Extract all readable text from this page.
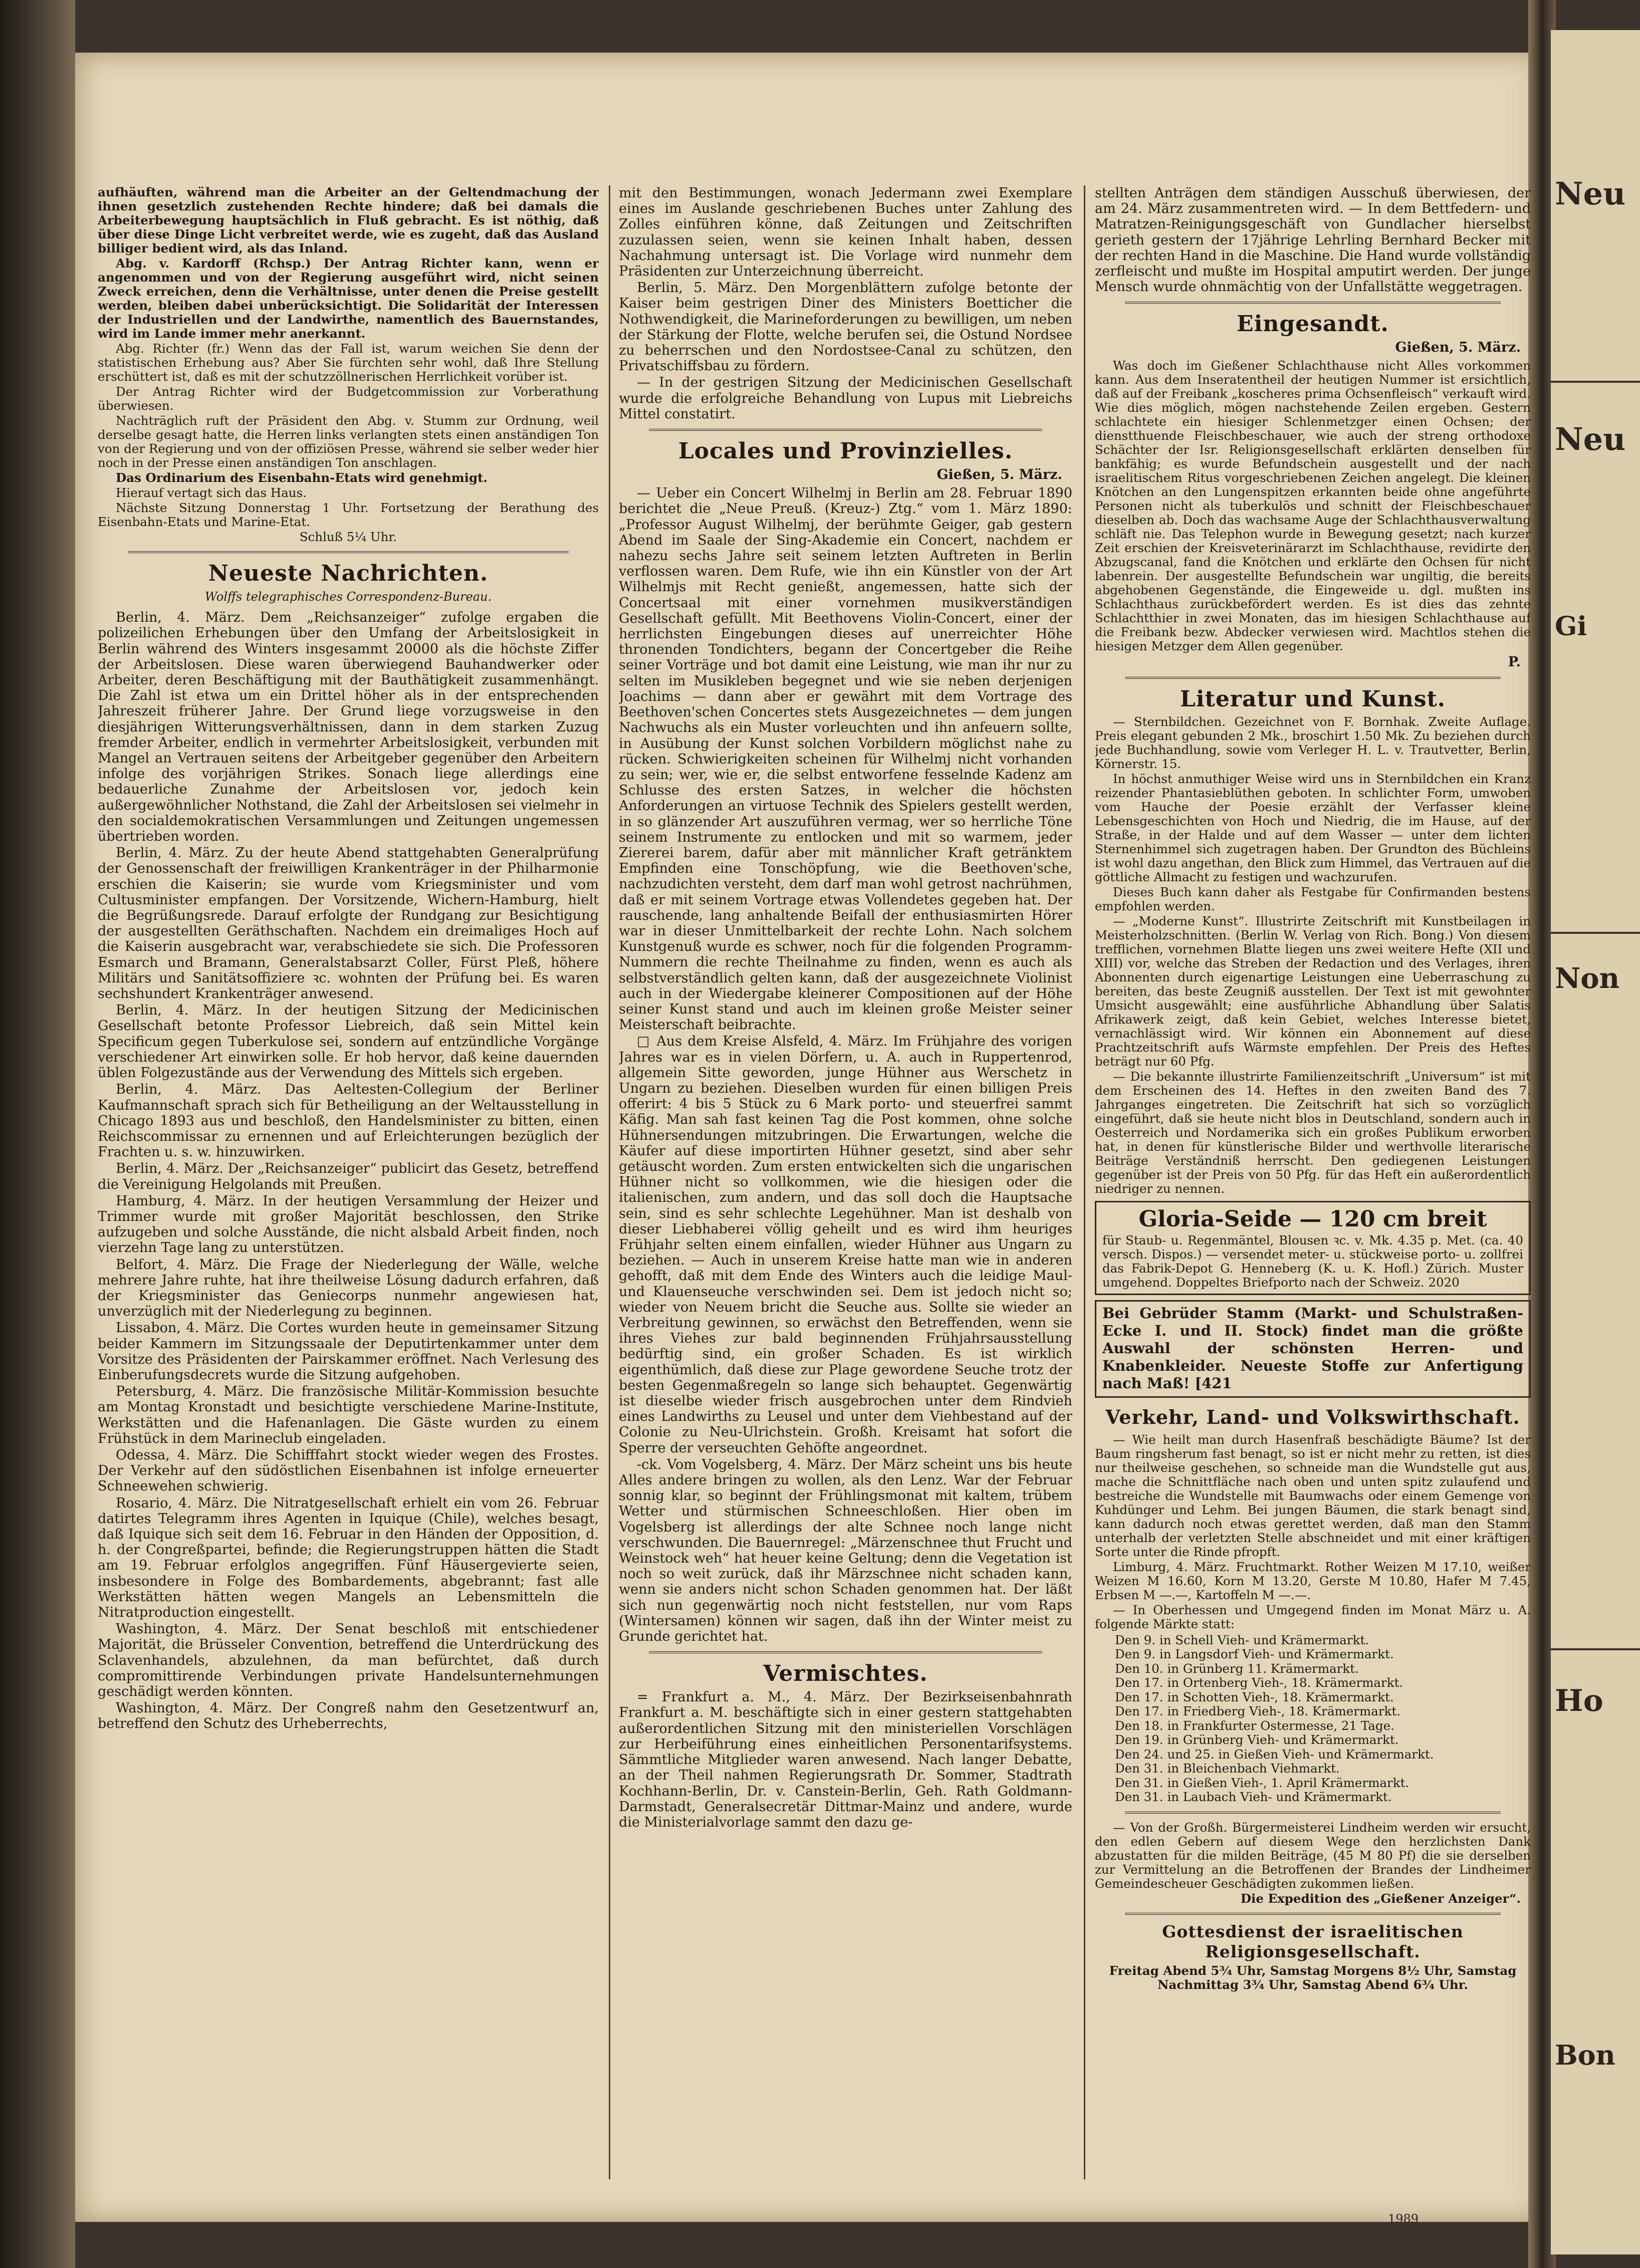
Neu
Neu
Gi
Non
Ho
Bon

aufhäuften, während man die Arbeiter an der Geltendmachung der ihnen gesetzlich zustehenden Rechte hindere; daß bei damals die Arbeiterbewegung hauptsächlich in Fluß gebracht. Es ist nöthig, daß über diese Dinge Licht verbreitet werde, wie es zugeht, daß das Ausland billiger bedient wird, als das Inland.

Abg. v. Kardorff (Rchsp.) Der Antrag Richter kann, wenn er angenommen und von der Regierung ausgeführt wird, nicht seinen Zweck erreichen, denn die Verhältnisse, unter denen die Preise gestellt werden, bleiben dabei unberücksichtigt. Die Solidarität der Interessen der Industriellen und der Landwirthe, namentlich des Bauernstandes, wird im Lande immer mehr anerkannt.

Abg. Richter (fr.) Wenn das der Fall ist, warum weichen Sie denn der statistischen Erhebung aus? Aber Sie fürchten sehr wohl, daß Ihre Stellung erschüttert ist, daß es mit der schutzzöllnerischen Herrlichkeit vorüber ist.

Der Antrag Richter wird der Budgetcommission zur Vorberathung überwiesen.

Nachträglich ruft der Präsident den Abg. v. Stumm zur Ordnung, weil derselbe gesagt hatte, die Herren links verlangten stets einen anständigen Ton von der Regierung und von der offiziösen Presse, während sie selber weder hier noch in der Presse einen anständigen Ton anschlagen.

Das Ordinarium des Eisenbahn-Etats wird genehmigt.

Hierauf vertagt sich das Haus.

Nächste Sitzung Donnerstag 1 Uhr. Fortsetzung der Berathung des Eisenbahn-Etats und Marine-Etat.

Schluß 5¼ Uhr.

Neueste Nachrichten.
Wolffs telegraphisches Correspondenz-Bureau.

Berlin, 4. März. Dem „Reichsanzeiger“ zufolge ergaben die polizeilichen Erhebungen über den Umfang der Arbeitslosigkeit in Berlin während des Winters insgesammt 20000 als die höchste Ziffer der Arbeitslosen. Diese waren überwiegend Bauhandwerker oder Arbeiter, deren Beschäftigung mit der Bauthätigkeit zusammenhängt. Die Zahl ist etwa um ein Drittel höher als in der entsprechenden Jahreszeit früherer Jahre. Der Grund liege vorzugsweise in den diesjährigen Witterungsverhältnissen, dann in dem starken Zuzug fremder Arbeiter, endlich in vermehrter Arbeitslosigkeit, verbunden mit Mangel an Vertrauen seitens der Arbeitgeber gegenüber den Arbeitern infolge des vorjährigen Strikes. Sonach liege allerdings eine bedauerliche Zunahme der Arbeitslosen vor, jedoch kein außergewöhnlicher Nothstand, die Zahl der Arbeitslosen sei vielmehr in den socialdemokratischen Versammlungen und Zeitungen ungemessen übertrieben worden.

Berlin, 4. März. Zu der heute Abend stattgehabten Generalprüfung der Genossenschaft der freiwilligen Krankenträger in der Philharmonie erschien die Kaiserin; sie wurde vom Kriegsminister und vom Cultusminister empfangen. Der Vorsitzende, Wichern-Hamburg, hielt die Begrüßungsrede. Darauf erfolgte der Rundgang zur Besichtigung der ausgestellten Geräthschaften. Nachdem ein dreimaliges Hoch auf die Kaiserin ausgebracht war, verabschiedete sie sich. Die Professoren Esmarch und Bramann, Generalstabsarzt Coller, Fürst Pleß, höhere Militärs und Sanitätsoffiziere ꝛc. wohnten der Prüfung bei. Es waren sechshundert Krankenträger anwesend.

Berlin, 4. März. In der heutigen Sitzung der Medicinischen Gesellschaft betonte Professor Liebreich, daß sein Mittel kein Specificum gegen Tuberkulose sei, sondern auf entzündliche Vorgänge verschiedener Art einwirken solle. Er hob hervor, daß keine dauernden üblen Folgezustände aus der Verwendung des Mittels sich ergeben.

Berlin, 4. März. Das Aeltesten-Collegium der Berliner Kaufmannschaft sprach sich für Betheiligung an der Weltausstellung in Chicago 1893 aus und beschloß, den Handelsminister zu bitten, einen Reichscommissar zu ernennen und auf Erleichterungen bezüglich der Frachten u. s. w. hinzuwirken.

Berlin, 4. März. Der „Reichsanzeiger“ publicirt das Gesetz, betreffend die Vereinigung Helgolands mit Preußen.

Hamburg, 4. März. In der heutigen Versammlung der Heizer und Trimmer wurde mit großer Majorität beschlossen, den Strike aufzugeben und solche Ausstände, die nicht alsbald Arbeit finden, noch vierzehn Tage lang zu unterstützen.

Belfort, 4. März. Die Frage der Niederlegung der Wälle, welche mehrere Jahre ruhte, hat ihre theilweise Lösung dadurch erfahren, daß der Kriegsminister das Geniecorps nunmehr angewiesen hat, unverzüglich mit der Niederlegung zu beginnen.

Lissabon, 4. März. Die Cortes wurden heute in gemeinsamer Sitzung beider Kammern im Sitzungssaale der Deputirtenkammer unter dem Vorsitze des Präsidenten der Pairskammer eröffnet. Nach Verlesung des Einberufungsdecrets wurde die Sitzung aufgehoben.

Petersburg, 4. März. Die französische Militär-Kommission besuchte am Montag Kronstadt und besichtigte verschiedene Marine-Institute, Werkstätten und die Hafenanlagen. Die Gäste wurden zu einem Frühstück in dem Marineclub eingeladen.

Odessa, 4. März. Die Schifffahrt stockt wieder wegen des Frostes. Der Verkehr auf den südöstlichen Eisenbahnen ist infolge erneuerter Schneewehen schwierig.

Rosario, 4. März. Die Nitratgesellschaft erhielt ein vom 26. Februar datirtes Telegramm ihres Agenten in Iquique (Chile), welches besagt, daß Iquique sich seit dem 16. Februar in den Händen der Opposition, d. h. der Congreßpartei, befinde; die Regierungstruppen hätten die Stadt am 19. Februar erfolglos angegriffen. Fünf Häusergevierte seien, insbesondere in Folge des Bombardements, abgebrannt; fast alle Werkstätten hätten wegen Mangels an Lebensmitteln die Nitratproduction eingestellt.

Washington, 4. März. Der Senat beschloß mit entschiedener Majorität, die Brüsseler Convention, betreffend die Unterdrückung des Sclavenhandels, abzulehnen, da man befürchtet, daß durch compromittirende Verbindungen private Handelsunternehmungen geschädigt werden könnten.

Washington, 4. März. Der Congreß nahm den Gesetzentwurf an, betreffend den Schutz des Urheberrechts,

mit den Bestimmungen, wonach Jedermann zwei Exemplare eines im Auslande geschriebenen Buches unter Zahlung des Zolles einführen könne, daß Zeitungen und Zeitschriften zuzulassen seien, wenn sie keinen Inhalt haben, dessen Nachahmung untersagt ist. Die Vorlage wird nunmehr dem Präsidenten zur Unterzeichnung überreicht.

Berlin, 5. März. Den Morgenblättern zufolge betonte der Kaiser beim gestrigen Diner des Ministers Boetticher die Nothwendigkeit, die Marineforderungen zu bewilligen, um neben der Stärkung der Flotte, welche berufen sei, die Ostund Nordsee zu beherrschen und den Nordostsee-Canal zu schützen, den Privatschiffsbau zu fördern.

— In der gestrigen Sitzung der Medicinischen Gesellschaft wurde die erfolgreiche Behandlung von Lupus mit Liebreichs Mittel constatirt.

Locales und Provinzielles.
Gießen, 5. März.

— Ueber ein Concert Wilhelmj in Berlin am 28. Februar 1890 berichtet die „Neue Preuß. (Kreuz-) Ztg.“ vom 1. März 1890: „Professor August Wilhelmj, der berühmte Geiger, gab gestern Abend im Saale der Sing-Akademie ein Concert, nachdem er nahezu sechs Jahre seit seinem letzten Auftreten in Berlin verflossen waren. Dem Rufe, wie ihn ein Künstler von der Art Wilhelmjs mit Recht genießt, angemessen, hatte sich der Concertsaal mit einer vornehmen musikverständigen Gesellschaft gefüllt. Mit Beethovens Violin-Concert, einer der herrlichsten Eingebungen dieses auf unerreichter Höhe thronenden Tondichters, begann der Concertgeber die Reihe seiner Vorträge und bot damit eine Leistung, wie man ihr nur zu selten im Musikleben begegnet und wie sie neben derjenigen Joachims — dann aber er gewährt mit dem Vortrage des Beethoven'schen Concertes stets Ausgezeichnetes — dem jungen Nachwuchs als ein Muster vorleuchten und ihn anfeuern sollte, in Ausübung der Kunst solchen Vorbildern möglichst nahe zu rücken. Schwierigkeiten scheinen für Wilhelmj nicht vorhanden zu sein; wer, wie er, die selbst entworfene fesselnde Kadenz am Schlusse des ersten Satzes, in welcher die höchsten Anforderungen an virtuose Technik des Spielers gestellt werden, in so glänzender Art auszuführen vermag, wer so herrliche Töne seinem Instrumente zu entlocken und mit so warmem, jeder Ziererei barem, dafür aber mit männlicher Kraft getränktem Empfinden eine Tonschöpfung, wie die Beethoven'sche, nachzudichten versteht, dem darf man wohl getrost nachrühmen, daß er mit seinem Vortrage etwas Vollendetes gegeben hat. Der rauschende, lang anhaltende Beifall der enthusiasmirten Hörer war in dieser Unmittelbarkeit der rechte Lohn. Nach solchem Kunstgenuß wurde es schwer, noch für die folgenden Programm-Nummern die rechte Theilnahme zu finden, wenn es auch als selbstverständlich gelten kann, daß der ausgezeichnete Violinist auch in der Wiedergabe kleinerer Compositionen auf der Höhe seiner Kunst stand und auch im kleinen große Meister seiner Meisterschaft beibrachte.

□ Aus dem Kreise Alsfeld, 4. März. Im Frühjahre des vorigen Jahres war es in vielen Dörfern, u. A. auch in Ruppertenrod, allgemein Sitte geworden, junge Hühner aus Werschetz in Ungarn zu beziehen. Dieselben wurden für einen billigen Preis offerirt: 4 bis 5 Stück zu 6 Mark porto- und steuerfrei sammt Käfig. Man sah fast keinen Tag die Post kommen, ohne solche Hühnersendungen mitzubringen. Die Erwartungen, welche die Käufer auf diese importirten Hühner gesetzt, sind aber sehr getäuscht worden. Zum ersten entwickelten sich die ungarischen Hühner nicht so vollkommen, wie die hiesigen oder die italienischen, zum andern, und das soll doch die Hauptsache sein, sind es sehr schlechte Legehühner. Man ist deshalb von dieser Liebhaberei völlig geheilt und es wird ihm heuriges Frühjahr selten einem einfallen, wieder Hühner aus Ungarn zu beziehen. — Auch in unserem Kreise hatte man wie in anderen gehofft, daß mit dem Ende des Winters auch die leidige Maul- und Klauenseuche verschwinden sei. Dem ist jedoch nicht so; wieder von Neuem bricht die Seuche aus. Sollte sie wieder an Verbreitung gewinnen, so erwächst den Betreffenden, wenn sie ihres Viehes zur bald beginnenden Frühjahrsausstellung bedürftig sind, ein großer Schaden. Es ist wirklich eigenthümlich, daß diese zur Plage gewordene Seuche trotz der besten Gegenmaßregeln so lange sich behauptet. Gegenwärtig ist dieselbe wieder frisch ausgebrochen unter dem Rindvieh eines Landwirths zu Leusel und unter dem Viehbestand auf der Colonie zu Neu-Ulrichstein. Großh. Kreisamt hat sofort die Sperre der verseuchten Gehöfte angeordnet.

-ck. Vom Vogelsberg, 4. März. Der März scheint uns bis heute Alles andere bringen zu wollen, als den Lenz. War der Februar sonnig klar, so beginnt der Frühlingsmonat mit kaltem, trübem Wetter und stürmischen Schneeschloßen. Hier oben im Vogelsberg ist allerdings der alte Schnee noch lange nicht verschwunden. Die Bauernregel: „Märzenschnee thut Frucht und Weinstock weh“ hat heuer keine Geltung; denn die Vegetation ist noch so weit zurück, daß ihr Märzschnee nicht schaden kann, wenn sie anders nicht schon Schaden genommen hat. Der läßt sich nun gegenwärtig noch nicht feststellen, nur vom Raps (Wintersamen) können wir sagen, daß ihn der Winter meist zu Grunde gerichtet hat.

Vermischtes.

= Frankfurt a. M., 4. März. Der Bezirkseisenbahnrath Frankfurt a. M. beschäftigte sich in einer gestern stattgehabten außerordentlichen Sitzung mit den ministeriellen Vorschlägen zur Herbeiführung eines einheitlichen Personentarifsystems. Sämmtliche Mitglieder waren anwesend. Nach langer Debatte, an der Theil nahmen Regierungsrath Dr. Sommer, Stadtrath Kochhann-Berlin, Dr. v. Canstein-Berlin, Geh. Rath Goldmann-Darmstadt, Generalsecretär Dittmar-Mainz und andere, wurde die Ministerialvorlage sammt den dazu ge-

stellten Anträgen dem ständigen Ausschuß überwiesen, der am 24. März zusammentreten wird. — In dem Bettfedern- und Matratzen-Reinigungsgeschäft von Gundlacher hierselbst gerieth gestern der 17jährige Lehrling Bernhard Becker mit der rechten Hand in die Maschine. Die Hand wurde vollständig zerfleischt und mußte im Hospital amputirt werden. Der junge Mensch wurde ohnmächtig von der Unfallstätte weggetragen.

Eingesandt.
Gießen, 5. März.

Was doch im Gießener Schlachthause nicht Alles vorkommen kann. Aus dem Inseratentheil der heutigen Nummer ist ersichtlich, daß auf der Freibank „koscheres prima Ochsenfleisch“ verkauft wird. Wie dies möglich, mögen nachstehende Zeilen ergeben. Gestern schlachtete ein hiesiger Schlenmetzger einen Ochsen; der dienstthuende Fleischbeschauer, wie auch der streng orthodoxe Schächter der Isr. Religionsgesellschaft erklärten denselben für bankfähig; es wurde Befundschein ausgestellt und der nach israelitischem Ritus vorgeschriebenen Zeichen angelegt. Die kleinen Knötchen an den Lungenspitzen erkannten beide ohne angeführte Personen nicht als tuberkulös und schnitt der Fleischbeschauer dieselben ab. Doch das wachsame Auge der Schlachthausverwaltung schläft nie. Das Telephon wurde in Bewegung gesetzt; nach kurzer Zeit erschien der Kreisveterinärarzt im Schlachthause, revidirte den Abzugscanal, fand die Knötchen und erklärte den Ochsen für nicht labenrein. Der ausgestellte Befundschein war ungiltig, die bereits abgehobenen Gegenstände, die Eingeweide u. dgl. mußten ins Schlachthaus zurückbefördert werden. Es ist dies das zehnte Schlachtthier in zwei Monaten, das im hiesigen Schlachthause auf die Freibank bezw. Abdecker verwiesen wird. Machtlos stehen die hiesigen Metzger dem Allen gegenüber.

P.
Literatur und Kunst.

— Sternbildchen. Gezeichnet von F. Bornhak. Zweite Auflage. Preis elegant gebunden 2 Mk., broschirt 1.50 Mk. Zu beziehen durch jede Buchhandlung, sowie vom Verleger H. L. v. Trautvetter, Berlin, Körnerstr. 15.

In höchst anmuthiger Weise wird uns in Sternbildchen ein Kranz reizender Phantasieblüthen geboten. In schlichter Form, umwoben vom Hauche der Poesie erzählt der Verfasser kleine Lebensgeschichten von Hoch und Niedrig, die im Hause, auf der Straße, in der Halde und auf dem Wasser — unter dem lichten Sternenhimmel sich zugetragen haben. Der Grundton des Büchleins ist wohl dazu angethan, den Blick zum Himmel, das Vertrauen auf die göttliche Allmacht zu festigen und wachzurufen.

Dieses Buch kann daher als Festgabe für Confirmanden bestens empfohlen werden.

— „Moderne Kunst“. Illustrirte Zeitschrift mit Kunstbeilagen in Meisterholzschnitten. (Berlin W. Verlag von Rich. Bong.) Von diesem trefflichen, vornehmen Blatte liegen uns zwei weitere Hefte (XII und XIII) vor, welche das Streben der Redaction und des Verlages, ihren Abonnenten durch eigenartige Leistungen eine Ueberraschung zu bereiten, das beste Zeugniß ausstellen. Der Text ist mit gewohnter Umsicht ausgewählt; eine ausführliche Abhandlung über Salatis Afrikawerk zeigt, daß kein Gebiet, welches Interesse bietet, vernachlässigt wird. Wir können ein Abonnement auf diese Prachtzeitschrift aufs Wärmste empfehlen. Der Preis des Heftes beträgt nur 60 Pfg.

— Die bekannte illustrirte Familienzeitschrift „Universum“ ist mit dem Erscheinen des 14. Heftes in den zweiten Band des 7. Jahrganges eingetreten. Die Zeitschrift hat sich so vorzüglich eingeführt, daß sie heute nicht blos in Deutschland, sondern auch in Oesterreich und Nordamerika sich ein großes Publikum erworben hat, in denen für künstlerische Bilder und werthvolle literarische Beiträge Verständniß herrscht. Den gediegenen Leistungen gegenüber ist der Preis von 50 Pfg. für das Heft ein außerordentlich niedriger zu nennen.

Gloria-Seide — 120 cm breit

für Staub- u. Regenmäntel, Blousen ꝛc. v. Mk. 4.35 p. Met. (ca. 40 versch. Dispos.) — versendet meter- u. stückweise porto- u. zollfrei das Fabrik-Depot G. Henneberg (K. u. K. Hofl.) Zürich. Muster umgehend. Doppeltes Briefporto nach der Schweiz. 2020

Bei Gebrüder Stamm (Markt- und Schulstraßen-Ecke I. und II. Stock) findet man die größte Auswahl der schönsten Herren- und Knabenkleider. Neueste Stoffe zur Anfertigung nach Maß! [421

Verkehr, Land- und Volkswirthschaft.

— Wie heilt man durch Hasenfraß beschädigte Bäume? Ist der Baum ringsherum fast benagt, so ist er nicht mehr zu retten, ist dies nur theilweise geschehen, so schneide man die Wundstelle gut aus, mache die Schnittfläche nach oben und unten spitz zulaufend und bestreiche die Wundstelle mit Baumwachs oder einem Gemenge von Kuhdünger und Lehm. Bei jungen Bäumen, die stark benagt sind, kann dadurch noch etwas gerettet werden, daß man den Stamm unterhalb der verletzten Stelle abschneidet und mit einer kräftigen Sorte unter die Rinde pfropft.

Limburg, 4. März. Fruchtmarkt. Rother Weizen M 17.10, weißer Weizen M 16.60, Korn M 13.20, Gerste M 10.80, Hafer M 7.45, Erbsen M —.—, Kartoffeln M —.—.

— In Oberhessen und Umgegend finden im Monat März u. A. folgende Märkte statt:

Den 9. in Schell Vieh- und Krämermarkt.
Den 9. in Langsdorf Vieh- und Krämermarkt.
Den 10. in Grünberg 11. Krämermarkt.
Den 17. in Ortenberg Vieh-, 18. Krämermarkt.
Den 17. in Schotten Vieh-, 18. Krämermarkt.
Den 17. in Friedberg Vieh-, 18. Krämermarkt.
Den 18. in Frankfurter Ostermesse, 21 Tage.
Den 19. in Grünberg Vieh- und Krämermarkt.
Den 24. und 25. in Gießen Vieh- und Krämermarkt.
Den 31. in Bleichenbach Viehmarkt.
Den 31. in Gießen Vieh-, 1. April Krämermarkt.
Den 31. in Laubach Vieh- und Krämermarkt.

— Von der Großh. Bürgermeisterei Lindheim werden wir ersucht, den edlen Gebern auf diesem Wege den herzlichsten Dank abzustatten für die milden Beiträge, (45 M 80 Pf) die sie derselben zur Vermittelung an die Betroffenen der Brandes der Lindheimer Gemeindescheuer Geschädigten zukommen ließen.

Die Expedition des „Gießener Anzeiger“.
Gottesdienst der israelitischen Religionsgesellschaft.

Freitag Abend 5¾ Uhr, Samstag Morgens 8½ Uhr, Samstag Nachmittag 3¾ Uhr, Samstag Abend 6¾ Uhr.

1989
